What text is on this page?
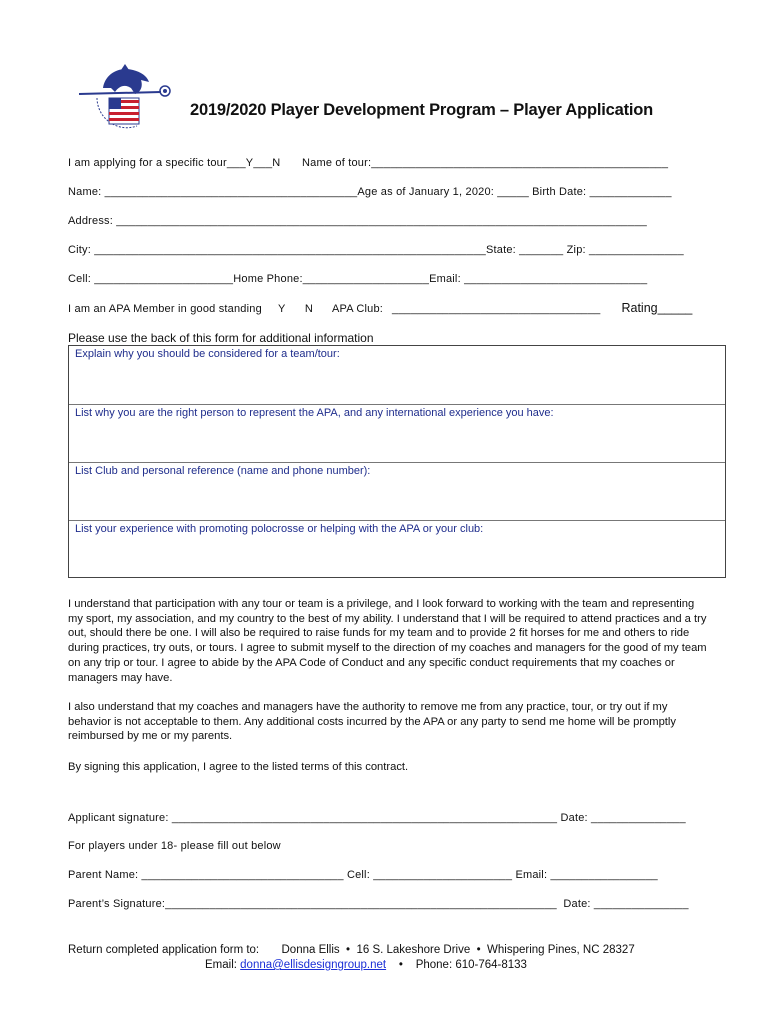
2019/2020 Player Development Program – Player Application
I am applying for a specific tour___Y___N Name of tour:_______________________________________________
Name: ________________________________________Age as of January 1, 2020: _____ Birth Date: _____________
Address: ____________________________________________________________________________________
City: ______________________________________________________________State: _______ Zip: _______________
Cell: ______________________Home Phone:____________________Email: _____________________________
I am an APA Member in good standing     Y      N      APA Club: _________________________________ Rating_____
Please use the back of this form for additional information
Explain why you should be considered for a team/tour:
List why you are the right person to represent the APA, and any international experience you have:
List Club and personal reference (name and phone number):
List your experience with promoting polocrosse or helping with the APA or your club:
I understand that participation with any tour or team is a privilege, and I look forward to working with the team and representing my sport, my association, and my country to the best of my ability. I understand that I will be required to attend practices and a try out, should there be one. I will also be required to raise funds for my team and to provide 2 fit horses for me and others to ride during practices, try outs, or tours. I agree to submit myself to the direction of my coaches and managers for the good of my team on any trip or tour. I agree to abide by the APA Code of Conduct and any specific conduct requirements that my coaches or managers may have.
I also understand that my coaches and managers have the authority to remove me from any practice, tour, or try out if my behavior is not acceptable to them. Any additional costs incurred by the APA or any party to send me home will be promptly reimbursed by me or my parents.
By signing this application, I agree to the listed terms of this contract.
Applicant signature: _____________________________________________________________ Date: _______________
For players under 18- please fill out below
Parent Name: ________________________________ Cell: ______________________ Email: _________________
Parent’s Signature:______________________________________________________________  Date: _______________
Return completed application form to:       Donna Ellis  •  16 S. Lakeshore Drive  •  Whispering Pines, NC 28327
Email: donna@ellisdesigngroup.net    •    Phone: 610-764-8133
